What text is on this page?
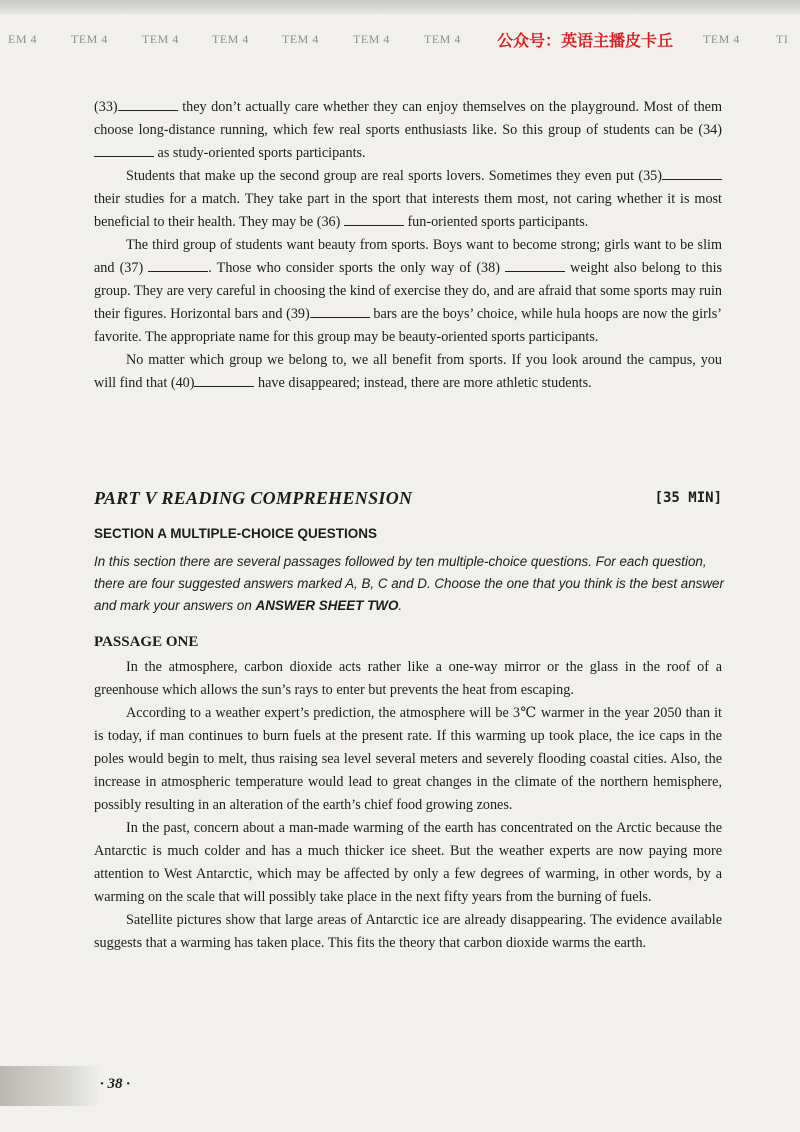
EM 4	TEM 4	TEM 4	TEM 4	TEM 4	TEM 4	TEM 4	TEM 4	TI
公众号：英语主播皮卡丘

(33)	they don’t actually care whether they can enjoy themselves on the playground. Most of them choose long-distance running, which few real sports enthusiasts like. So this group of students can be (34) as study-oriented sports participants.

Students that make up the second group are real sports lovers. Sometimes they even put (35) their studies for a match. They take part in the sport that interests them most, not caring whether it is most beneficial to their health. They may be (36)	fun-oriented sports participants.

The third group of students want beauty from sports. Boys want to become strong; girls want to be slim and (37)	. Those who consider sports the only way of (38)	weight also belong to this group. They are very careful in choosing the kind of exercise they do, and are afraid that some sports may ruin their figures. Horizontal bars and (39)	bars are the boys’ choice, while hula hoops are now the girls’ favorite. The appropriate name for this group may be beauty-oriented sports participants.

No matter which group we belong to, we all benefit from sports. If you look around the campus, you will find that (40)	have disappeared; instead, there are more athletic students.

PART V READING COMPREHENSION	[35 MIN]
SECTION A MULTIPLE-CHOICE QUESTIONS
In this section there are several passages followed by ten multiple-choice questions. For each question, there are four suggested answers marked A, B, C and D. Choose the one that you think is the best answer and mark your answers on ANSWER SHEET TWO.
PASSAGE ONE

In the atmosphere, carbon dioxide acts rather like a one-way mirror or the glass in the roof of a greenhouse which allows the sun’s rays to enter but prevents the heat from escaping.

According to a weather expert’s prediction, the atmosphere will be 3℃ warmer in the year 2050 than it is today, if man continues to burn fuels at the present rate. If this warming up took place, the ice caps in the poles would begin to melt, thus raising sea level several meters and severely flooding coastal cities. Also, the increase in atmospheric temperature would lead to great changes in the climate of the northern hemisphere, possibly resulting in an alteration of the earth’s chief food growing zones.

In the past, concern about a man-made warming of the earth has concentrated on the Arctic because the Antarctic is much colder and has a much thicker ice sheet. But the weather experts are now paying more attention to West Antarctic, which may be affected by only a few degrees of warming, in other words, by a warming on the scale that will possibly take place in the next fifty years from the burning of fuels.

Satellite pictures show that large areas of Antarctic ice are already disappearing. The evidence available suggests that a warming has taken place. This fits the theory that carbon dioxide warms the earth.

· 38 ·
